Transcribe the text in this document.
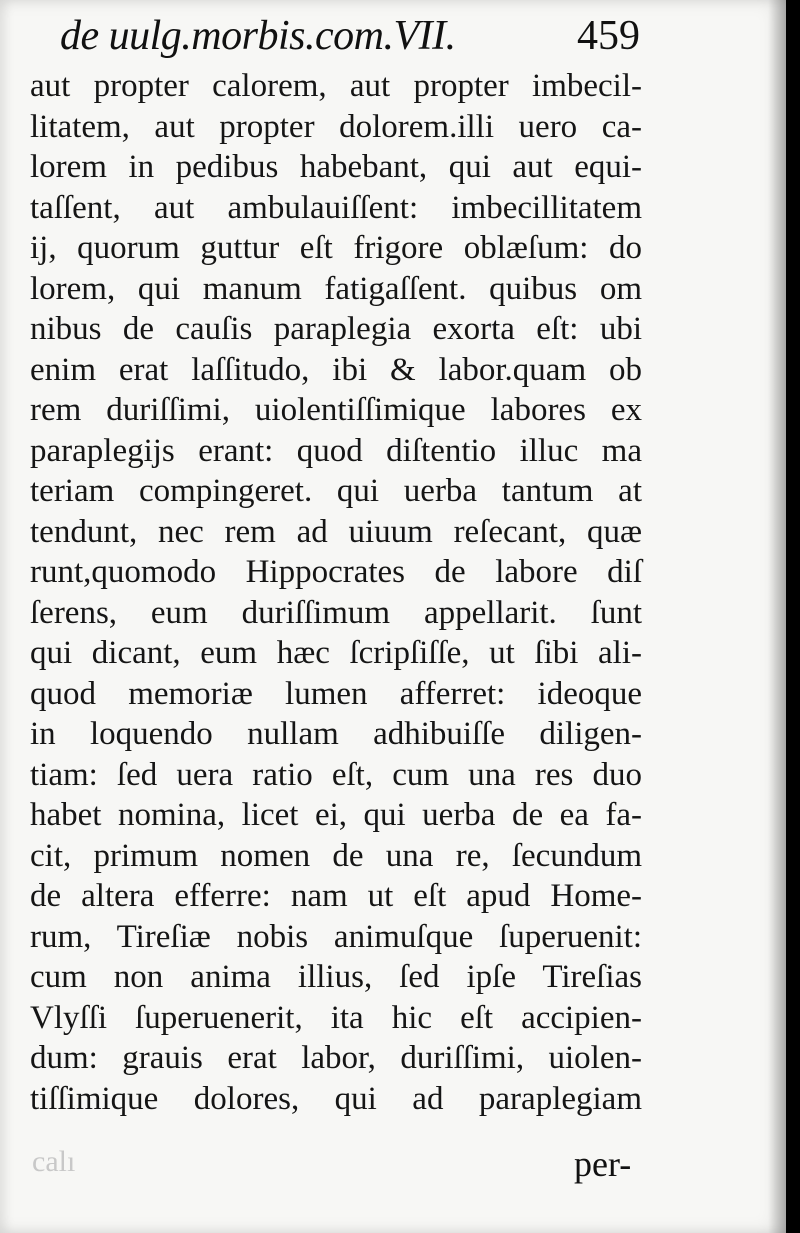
de uulg.morbis.com.VII.	459
aut propter calorem, aut propter imbecil-
litatem, aut propter dolorem.illi uero ca-
lorem in pedibus habebant, qui aut equi-
taſſent, aut ambulauiſſent: imbecillitatem
ij, quorum guttur eſt frigore oblæſum: do
lorem, qui manum fatigaſſent. quibus om
nibus de cauſis paraplegia exorta eſt: ubi
enim erat laſſitudo, ibi & labor.quam ob
rem duriſſimi, uiolentiſſimique labores ex
paraplegijs erant: quod diſtentio illuc ma
teriam compingeret. qui uerba tantum at
tendunt, nec rem ad uiuum reſecant, quæ
runt,quomodo Hippocrates de labore diſ
ſerens, eum duriſſimum appellarit. ſunt
qui dicant, eum hæc ſcripſiſſe, ut ſibi ali-
quod memoriæ lumen afferret: ideoque
in loquendo nullam adhibuiſſe diligen-
tiam: ſed uera ratio eſt, cum una res duo
habet nomina, licet ei, qui uerba de ea fa-
cit, primum nomen de una re, ſecundum
de altera efferre: nam ut eſt apud Home-
rum, Tireſiæ nobis animuſque ſuperuenit:
cum non anima illius, ſed ipſe Tireſias
Vlyſſi ſuperuenerit, ita hic eſt accipien-
dum: grauis erat labor, duriſſimi, uiolen-
tiſſimique dolores, qui ad paraplegiam
calı	per-
